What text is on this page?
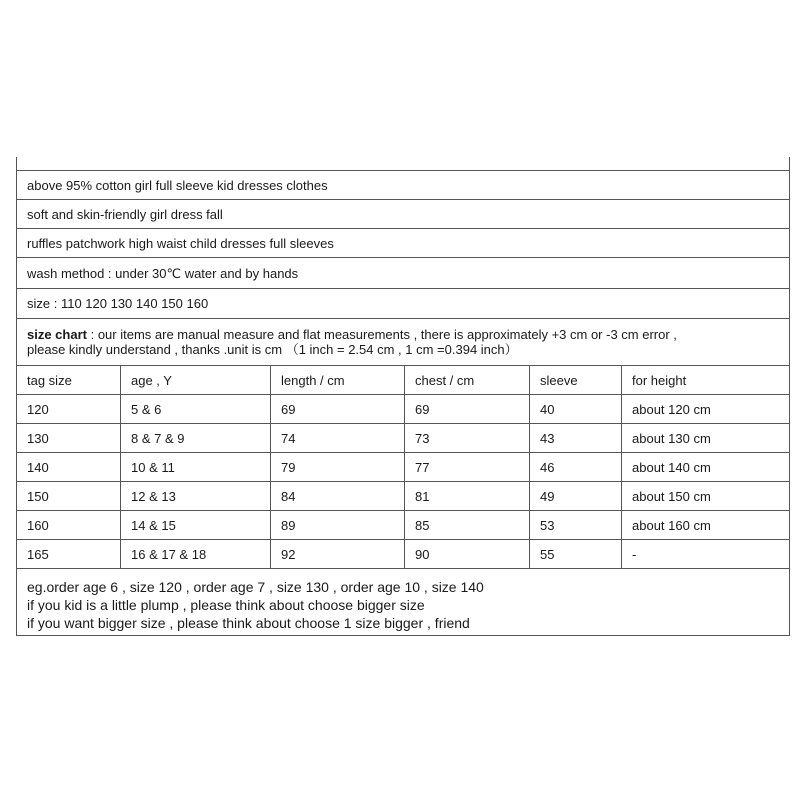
above 95% cotton girl full sleeve kid dresses clothes
soft and skin-friendly girl dress fall
ruffles patchwork high waist child dresses full sleeves
wash method : under 30℃ water and by hands
size : 110 120 130 140 150 160
size chart : our items are manual measure and flat measurements , there is approximately +3 cm or -3 cm error ,
please kindly understand , thanks .unit is cm （1 inch = 2.54 cm , 1 cm =0.394 inch）
tag size	age , Y	length / cm	chest / cm	sleeve	for height
120	5 & 6	69	69	40	about 120 cm
130	8 & 7 & 9	74	73	43	about 130 cm
140	10 & 11	79	77	46	about 140 cm
150	12 & 13	84	81	49	about 150 cm
160	14 & 15	89	85	53	about 160 cm
165	16 & 17 & 18	92	90	55	-
eg.order age 6 , size 120 , order age 7 , size 130 , order age 10 , size 140
if you kid is a little plump , please think about choose bigger size
if you want bigger size , please think about choose 1 size bigger , friend
